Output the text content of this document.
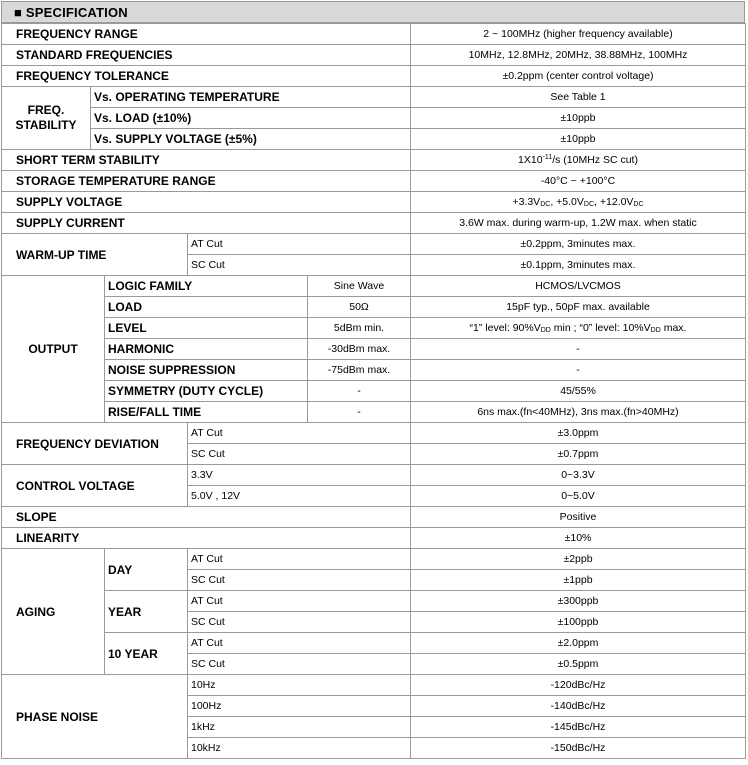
■ SPECIFICATION
FREQUENCY RANGE					2 ~ 100MHz (higher frequency available)
STANDARD FREQUENCIES					10MHz, 12.8MHz, 20MHz, 38.88MHz, 100MHz
FREQUENCY TOLERANCE					±0.2ppm (center control voltage)
FREQ.
STABILITY	Vs. OPERATING TEMPERATURE				See Table 1
	Vs. LOAD (±10%)				±10ppb
	Vs. SUPPLY VOLTAGE (±5%)				±10ppb
SHORT TERM STABILITY					$1X10^{-11}/s$ (10MHz SC cut)
STORAGE TEMPERATURE RANGE					-40°C ~ +100°C
SUPPLY VOLTAGE					$+3.3V_{DC}$, $+5.0V_{DC}$, $+12.0V_{DC}$
SUPPLY CURRENT					3.6W max. during warm-up, 1.2W max. when static
WARM-UP TIME			AT Cut		±0.2ppm, 3minutes max.
			SC Cut		±0.1ppm, 3minutes max.
OUTPUT		LOGIC FAMILY		Sine Wave	HCMOS/LVCMOS
		LOAD		50Ω	15pF typ., 50pF max. available
		LEVEL		5dBm min.	“1” level: $90\%V_{DD}$ min ; “0” level: $10\%V_{DD}$ max.
		HARMONIC		-30dBm max.	-
		NOISE SUPPRESSION		-75dBm max.	-
		SYMMETRY (DUTY CYCLE)		-	45/55%
		RISE/FALL TIME		-	6ns max.(fn<40MHz), 3ns max.(fn>40MHz)
FREQUENCY DEVIATION			AT Cut		±3.0ppm
			SC Cut		±0.7ppm
CONTROL VOLTAGE			3.3V		0~3.3V
			5.0V , 12V		0~5.0V
SLOPE					Positive
LINEARITY					±10%
AGING		DAY	AT Cut		±2ppb
			SC Cut		±1ppb
		YEAR	AT Cut		±300ppb
			SC Cut		±100ppb
		10 YEAR	AT Cut		±2.0ppm
			SC Cut		±0.5ppm
PHASE NOISE			10Hz		-120dBc/Hz
			100Hz		-140dBc/Hz
			1kHz		-145dBc/Hz
			10kHz		-150dBc/Hz
